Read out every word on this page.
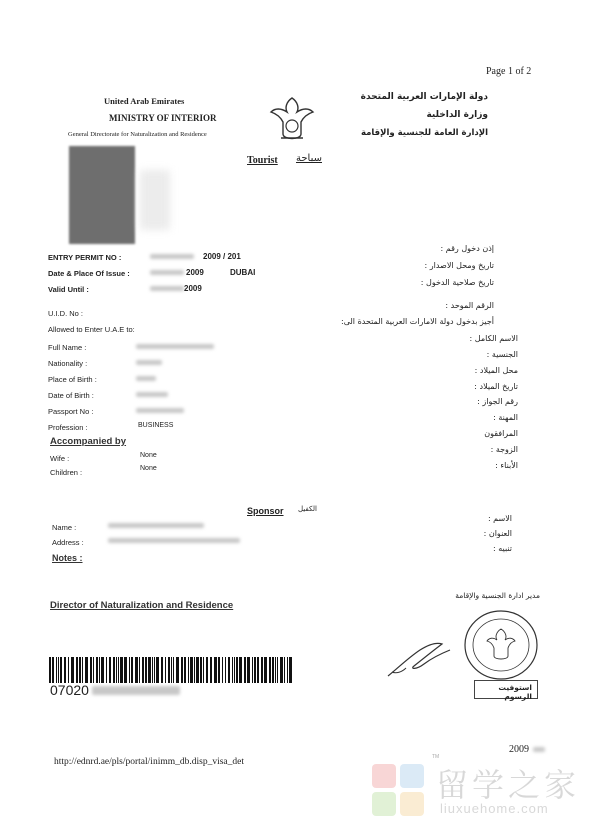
Page 1 of 2
United Arab Emirates
MINISTRY OF INTERIOR
General Directorate for Naturalization and Residence
دولة الإمارات العربية المتحدة
وزارة الداخلية
الإدارة العامة للجنسية والإقامة
Tourist سياحة
ENTRY PERMIT NO :	2009 / 201
Date & Place Of Issue :	2009	DUBAI
Valid Until :	2009
إذن دخول رقم :
تاريخ ومحل الاصدار :
تاريخ صلاحية الدخول :
U.I.D. No :
Allowed to Enter U.A.E to:
Full Name :
Nationality :
Place of Birth :
Date of Birth :
Passport No :
Profession :	BUSINESS
الرقم الموحد :
أجيز بدخول دولة الامارات العربية المتحدة الى:
الاسم الكامل :
الجنسية :
محل الميلاد :
تاريخ الميلاد :
رقم الجواز :
المهنة :
Accompanied by
Wife :	None
Children :	None
المرافقون
الزوجة :
الأبناء :
Sponsor الكفيل
Name :
Address :
Notes :
الاسم :
العنوان :
تنبيه :
Director of Naturalization and Residence
مدير ادارة الجنسية والإقامة
استوفيت الرسوم
07020
http://ednrd.ae/pls/portal/inimm_db.disp_visa_det
2009
TM
留学之家
liuxuehome.com
